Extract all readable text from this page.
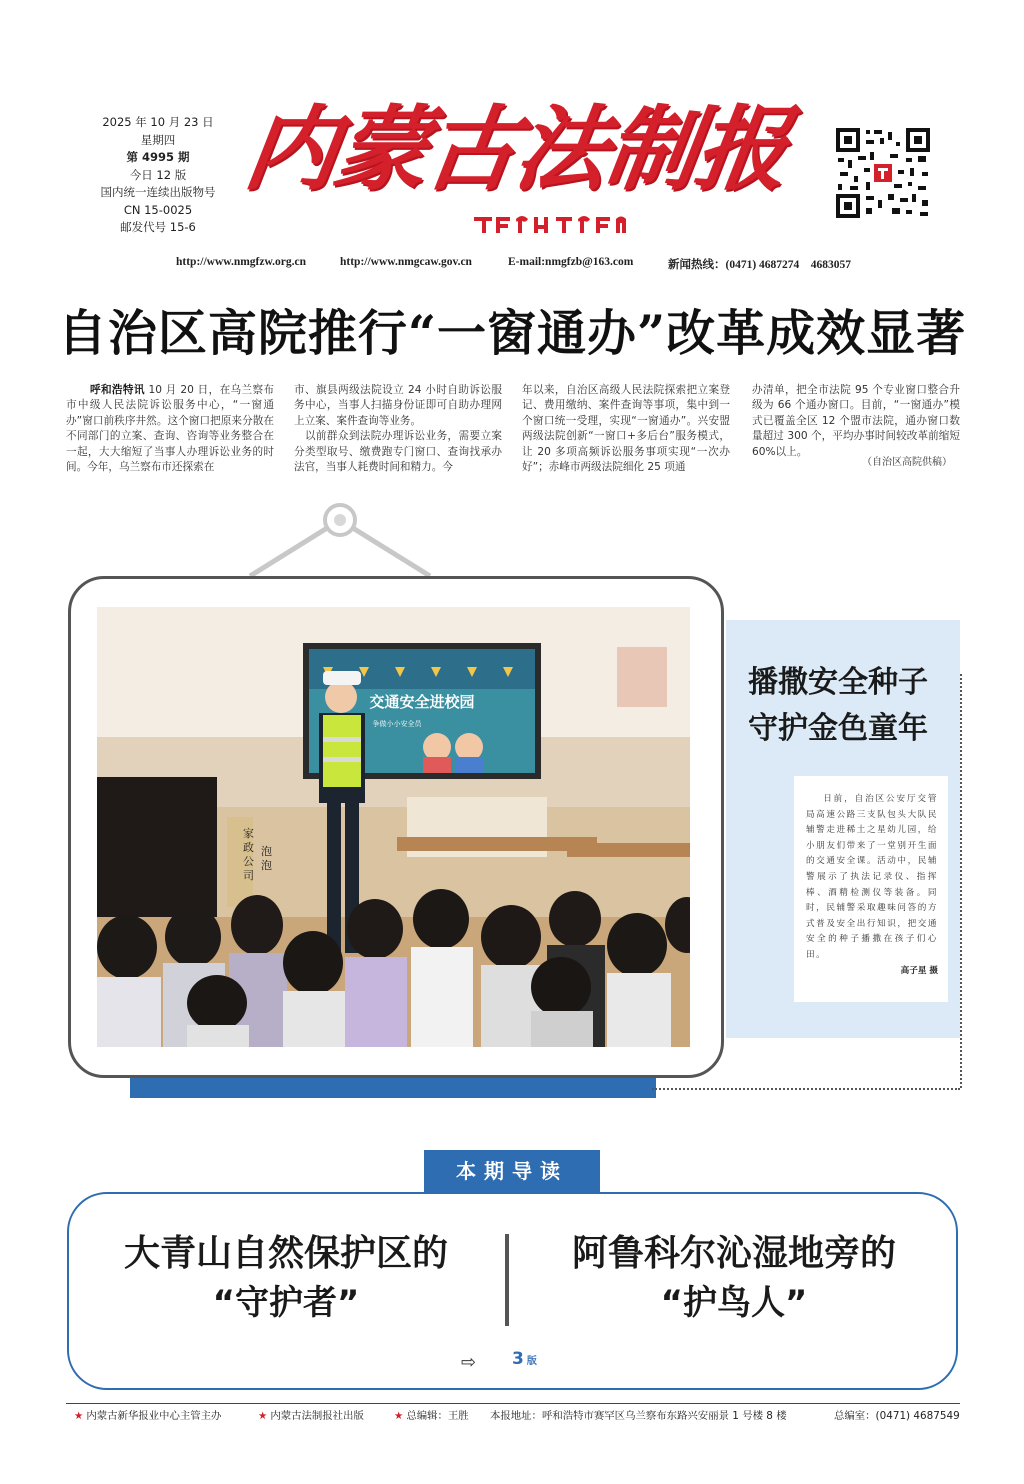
2025 年 10 月 23 日
星期四
第 4995 期
今日 12 版
国内统一连续出版物号
CN 15-0025
邮发代号 15-6
内蒙古法制报
http://www.nmgfzw.org.cn	http://www.nmgcaw.gov.cn	E-mail:nmgfzb@163.com	新闻热线：(0471) 4687274　4683057
自治区高院推行“一窗通办”改革成效显著
呼和浩特讯 10 月 20 日，在乌兰察布市中级人民法院诉讼服务中心，“一窗通办”窗口前秩序井然。这个窗口把原来分散在不同部门的立案、查询、咨询等业务整合在一起，大大缩短了当事人办理诉讼业务的时间。今年，乌兰察布市还探索在
市、旗县两级法院设立 24 小时自助诉讼服务中心，当事人扫描身份证即可自助办理网上立案、案件查询等业务。
　以前群众到法院办理诉讼业务，需要立案分类型取号、缴费跑专门窗口、查询找承办法官，当事人耗费时间和精力。今
年以来，自治区高级人民法院探索把立案登记、费用缴纳、案件查询等事项，集中到一个窗口统一受理，实现“一窗通办”。兴安盟两级法院创新“一窗口+多后台”服务模式，让 20 多项高频诉讼服务事项实现“一次办好”；赤峰市两级法院细化 25 项通
办清单，把全市法院 95 个专业窗口整合升级为 66 个通办窗口。目前，“一窗通办”模式已覆盖全区 12 个盟市法院，通办窗口数量超过 300 个，平均办事时间较改革前缩短 60%以上。
（自治区高院供稿）
交通安全进校园
争做小小安全员
家政公司
泡泡
播撒安全种子
守护金色童年
日前，自治区公安厅交管局高速公路三支队包头大队民辅警走进稀土之星幼儿园，给小朋友们带来了一堂别开生面的交通安全课。活动中，民辅警展示了执法记录仪、指挥棒、酒精检测仪等装备。同时，民辅警采取趣味问答的方式普及安全出行知识，把交通安全的种子播撒在孩子们心田。
高子星 摄
本期导读
大青山自然保护区的
“守护者”
阿鲁科尔沁湿地旁的
“护鸟人”
⇨ 3 版
★ 内蒙古新华报业中心主管主办	★ 内蒙古法制报社出版	★ 总编辑：王胜 本报地址：呼和浩特市赛罕区乌兰察布东路兴安丽景 1 号楼 8 楼	总编室：(0471) 4687549
